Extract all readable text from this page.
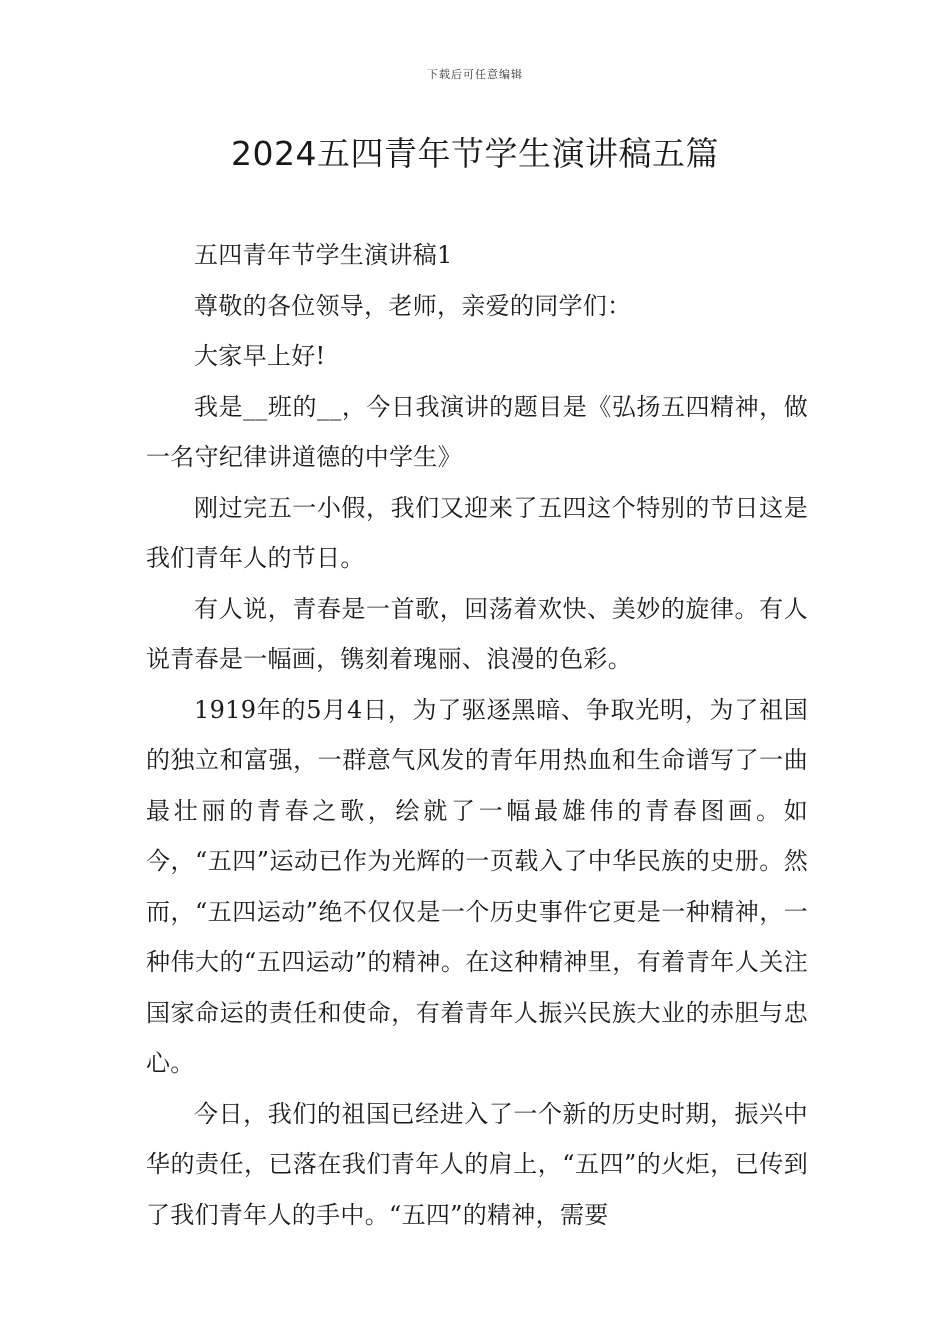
下载后可任意编辑
2024五四青年节学生演讲稿五篇

五四青年节学生演讲稿1

尊敬的各位领导，老师，亲爱的同学们：

大家早上好!

我是__班的__，今日我演讲的题目是《弘扬五四精神，做一名守纪律讲道德的中学生》

刚过完五一小假，我们又迎来了五四这个特别的节日这是我们青年人的节日。

有人说，青春是一首歌，回荡着欢快、美妙的旋律。有人说青春是一幅画，镌刻着瑰丽、浪漫的色彩。

1919年的5月4日，为了驱逐黑暗、争取光明，为了祖国的独立和富强，一群意气风发的青年用热血和生命谱写了一曲最壮丽的青春之歌，绘就了一幅最雄伟的青春图画。如今，“五四”运动已作为光辉的一页载入了中华民族的史册。然而，“五四运动”绝不仅仅是一个历史事件它更是一种精神，一种伟大的“五四运动”的精神。在这种精神里，有着青年人关注国家命运的责任和使命，有着青年人振兴民族大业的赤胆与忠心。

今日，我们的祖国已经进入了一个新的历史时期，振兴中华的责任，已落在我们青年人的肩上，“五四”的火炬，已传到了我们青年人的手中。“五四”的精神，需要
